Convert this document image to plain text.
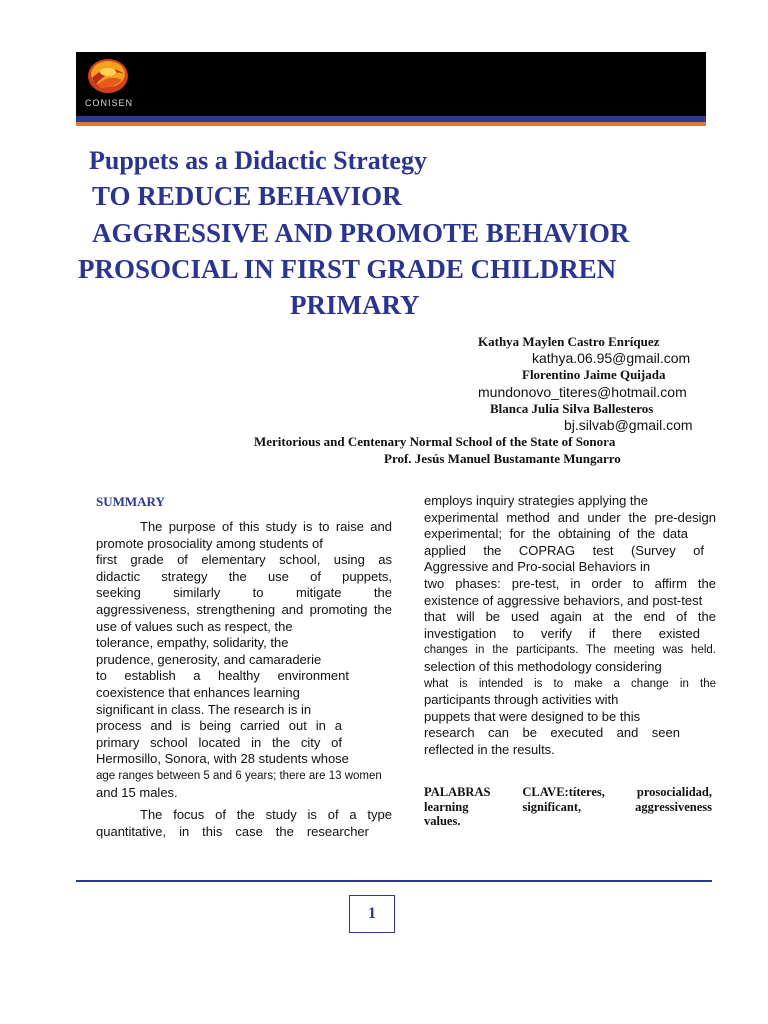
CONISEN
Puppets as a Didactic Strategy
TO REDUCE BEHAVIOR
AGGRESSIVE AND PROMOTE BEHAVIOR
PROSOCIAL IN FIRST GRADE CHILDREN
PRIMARY
Kathya Maylen Castro Enríquez
kathya.06.95@gmail.com
Florentino Jaime Quijada
mundonovo_titeres@hotmail.com
Blanca Julia Silva Ballesteros
bj.silvab@gmail.com
Meritorious and Centenary Normal School of the State of Sonora
Prof. Jesús Manuel Bustamante Mungarro
SUMMARY
The purpose of this study is to raise and
promote prosociality among students of
first grade of elementary school, using as
didactic strategy the use of puppets,
seeking similarly to mitigate the
aggressiveness, strengthening and promoting the
use of values such as respect, the
tolerance, empathy, solidarity, the
prudence, generosity, and camaraderie
to establish a healthy environment
coexistence that enhances learning
significant in class. The research is in
process and is being carried out in a
primary school located in the city of
Hermosillo, Sonora, with 28 students whose
age ranges between 5 and 6 years; there are 13 women
and 15 males.
The focus of the study is of a type
quantitative, in this case the researcher
employs inquiry strategies applying the
experimental method and under the pre-design
experimental; for the obtaining of the data
applied the COPRAG test (Survey of
Aggressive and Pro-social Behaviors in
two phases: pre-test, in order to affirm the
existence of aggressive behaviors, and post-test
that will be used again at the end of the
investigation to verify if there existed
changes in the participants. The meeting was held.
selection of this methodology considering
what is intended is to make a change in the
participants through activities with
puppets that were designed to be this
research can be executed and seen
reflected in the results.
PALABRAS CLAVE:títeres, prosocialidad,
learning significant, aggressiveness
values.
1
